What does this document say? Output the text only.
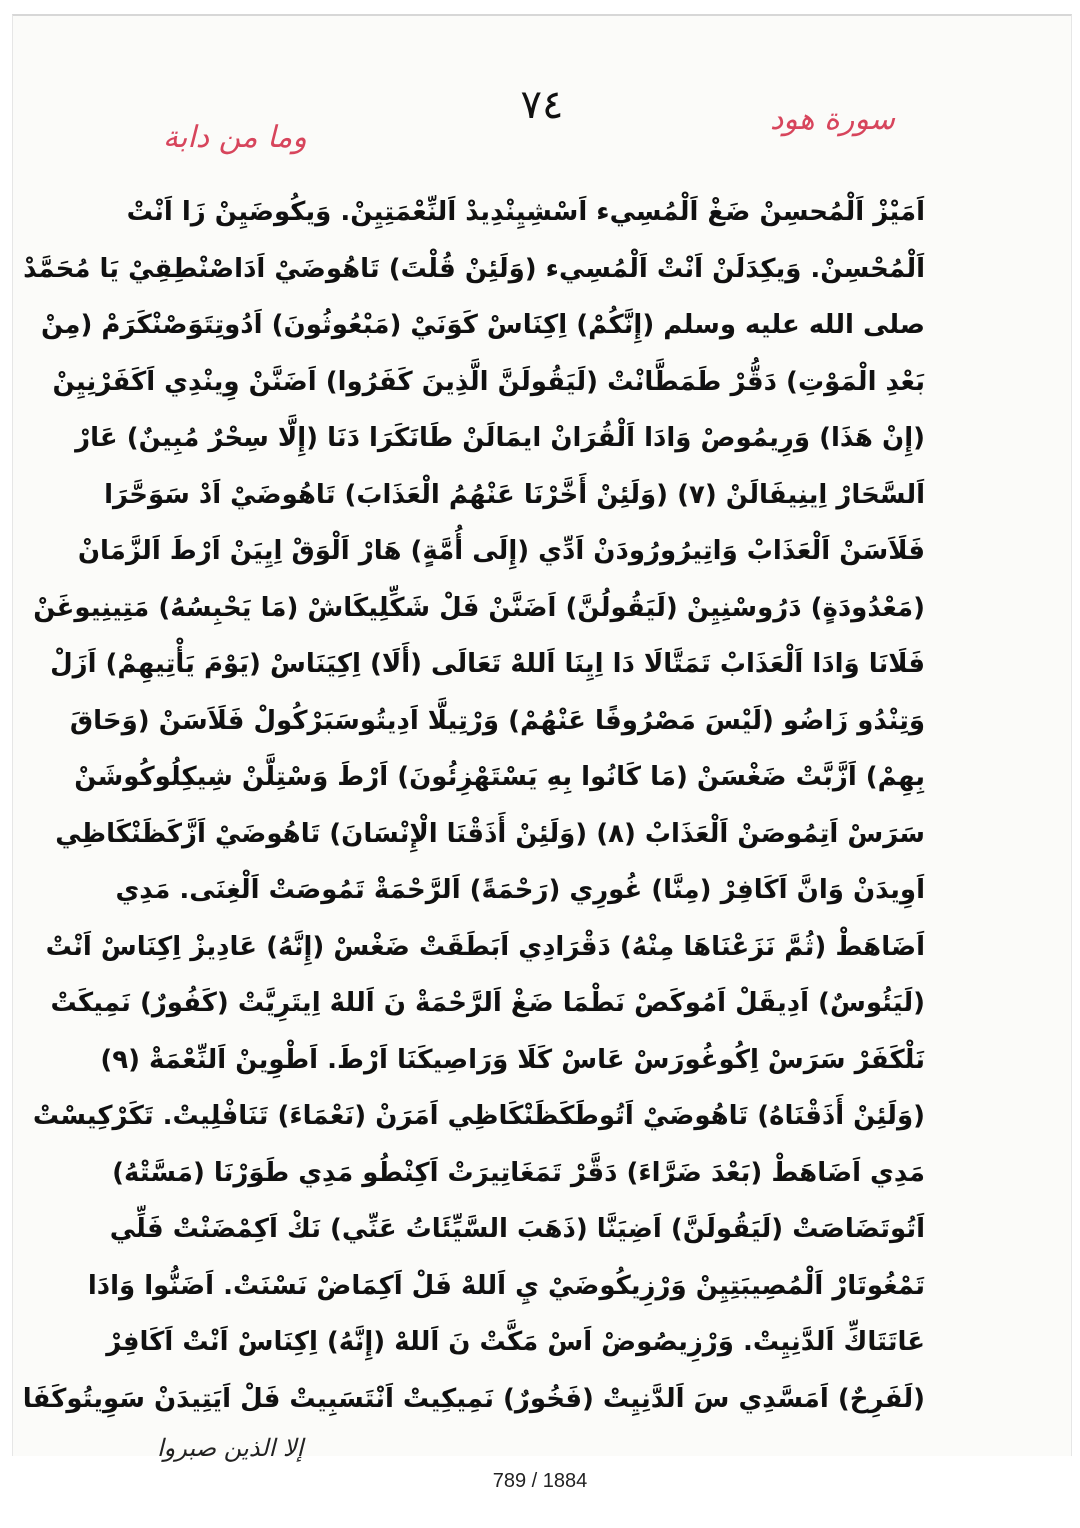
٧٤	سورة هود
وما من دابة
اَمَيْزْ اَلْمُحسِنْ ضَغْ اَلْمُسِيء اَسْشِيِنْدِيدْ اَلنِّعْمَتِيِنْ. وَيكُوضَيِنْ زَا اَنْتْ
اَلْمُحْسِنْ. وَيكِدَلَنْ اَنْتْ اَلْمُسِيء (وَلَئِنْ قُلْتَ) تَاهُوضَيْ اَدَاصْنْطِقِيْ يَا مُحَمَّدْ
صلى الله عليه وسلم (إِنَّكُمْ) اِكِنَاسْ كَوَنَيْ (مَبْعُوثُونَ) اَدُوتِتَوَصْنْكَرَمْ (مِنْ
بَعْدِ الْمَوْتِ) دَقُّرْ طَمَطَّانْتْ (لَيَقُولَنَّ الَّذِينَ كَفَرُوا) اَضَنَّنْ وِينْدِي اَكَفَرْنِيِنْ
(إِنْ هَذَا) وَرِيمُوصْ وَادَا اَلْقُرَانْ ايمَالَنْ طَانَكَرَا دَنَا (إِلَّا سِحْرٌ مُبِينٌ) عَارْ
اَلسَّحَارْ اِينِيفَالَنْ (٧) (وَلَئِنْ أَخَّرْنَا عَنْهُمُ الْعَذَابَ) تَاهُوضَيْ اَدْ سَوَحَّرَا
فَلَاَسَنْ اَلْعَذَابْ وَاتِيرُورُودَنْ اَدِّي (إِلَى أُمَّةٍ) هَارْ اَلْوَقْ اِيِيَنْ اَرْطَ اَلزَّمَانْ
(مَعْدُودَةٍ) دَرُوسْنِيِنْ (لَيَقُولُنَّ) اَضَنَّنْ فَلْ شَكِّلِيكَاشْ (مَا يَحْبِسُهُ) مَتِينِيوغَنْ
فَلَانَا وَادَا اَلْعَذَابْ تَمَتَّالَا دَا اِيِنَا اَللهْ تَعَالَى (أَلَا) اِكِيَنَاسْ (يَوْمَ يَأْتِيهِمْ) اَزَلْ
وَتِنْدُو زَاضُو (لَيْسَ مَصْرُوفًا عَنْهُمْ) وَرْتِيلَّا اَدِيتُوسَبَرْكُولْ فَلَاَسَنْ (وَحَاقَ
بِهِمْ) اَزَّبَّتْ ضَغْسَنْ (مَا كَانُوا بِهِ يَسْتَهْزِئُونَ) اَرْطَ وَسْتِلَّنْ شِيكِلُوكُوشَنْ
سَرَسْ اَتِمُوصَنْ اَلْعَذَابْ (٨) (وَلَئِنْ أَذَقْنَا الْإِنْسَانَ) تَاهُوضَيْ اَزَّكَظَنْكَاظِي
اَوِيدَنْ وَانَّ اَكَافِرْ (مِنَّا) غُورِي (رَحْمَةً) اَلرَّحْمَةْ تَمُوصَتْ اَلْغِنَى. مَدِي
اَضَاهَطْ (ثُمَّ نَزَعْنَاهَا مِنْهُ) دَقْرَادِي اَبَطَقَتْ ضَغْسْ (إِنَّهُ) عَادِيزْ اِكِنَاسْ اَنْتْ
(لَيَئُوسٌ) اَدِيقَلْ اَمُوكَصْ نَطْمَا ضَغْ اَلرَّحْمَةْ نَ اَللهْ اِيتَرِيَّتْ (كَفُورٌ) نَمِيكَتْ
نَلْكَفَرْ سَرَسْ اِكُوغُورَسْ عَاسْ كَلَا وَرَاصِيكَنَا اَرْطَ. اَطْوِينْ اَلنِّعْمَةْ (٩)
(وَلَئِنْ أَذَقْنَاهُ) تَاهُوضَيْ اَتُوطَكَظَنْكَاظِي اَمَرَنْ (نَعْمَاءَ) تَنَافْلِيتْ. تَكَرْكِيسْتْ
مَدِي اَضَاهَطْ (بَعْدَ ضَرَّاءَ) دَقَّرْ تَمَغَاتِيرَتْ اَكِنْطُو مَدِي طَوَرْنَا (مَسَّتْهُ)
اَتُوتَضَاصَتْ (لَيَقُولَنَّ) اَضِيَنَّا (ذَهَبَ السَّيِّئَاتُ عَنِّي) نَكْ اَكِمْضَنْتْ فَلِّي
تَمْغُوتَارْ اَلْمُصِيبَتِيِنْ وَرْزِيكُوضَيْ يِ اَللهْ فَلْ اَكِمَاضْ نَسْنَتْ. اَضَنُّوا وَادَا
عَاتَتَاكِّ اَلدَّنِيِتْ. وَرْزِيصُوضْ اَسْ مَكَّتْ نَ اَللهْ (إِنَّهُ) اِكِنَاسْ اَنْتْ اَكَافِرْ
(لَفَرِحٌ) اَمَسَّدِي سَ اَلدَّنِيِتْ (فَخُورٌ) نَمِيكِيتْ اَنْتَسَبِيتْ فَلْ اَيَتِيدَنْ سَوِيتُوكَفَا
إلا الذين صبروا
789 / 1884
